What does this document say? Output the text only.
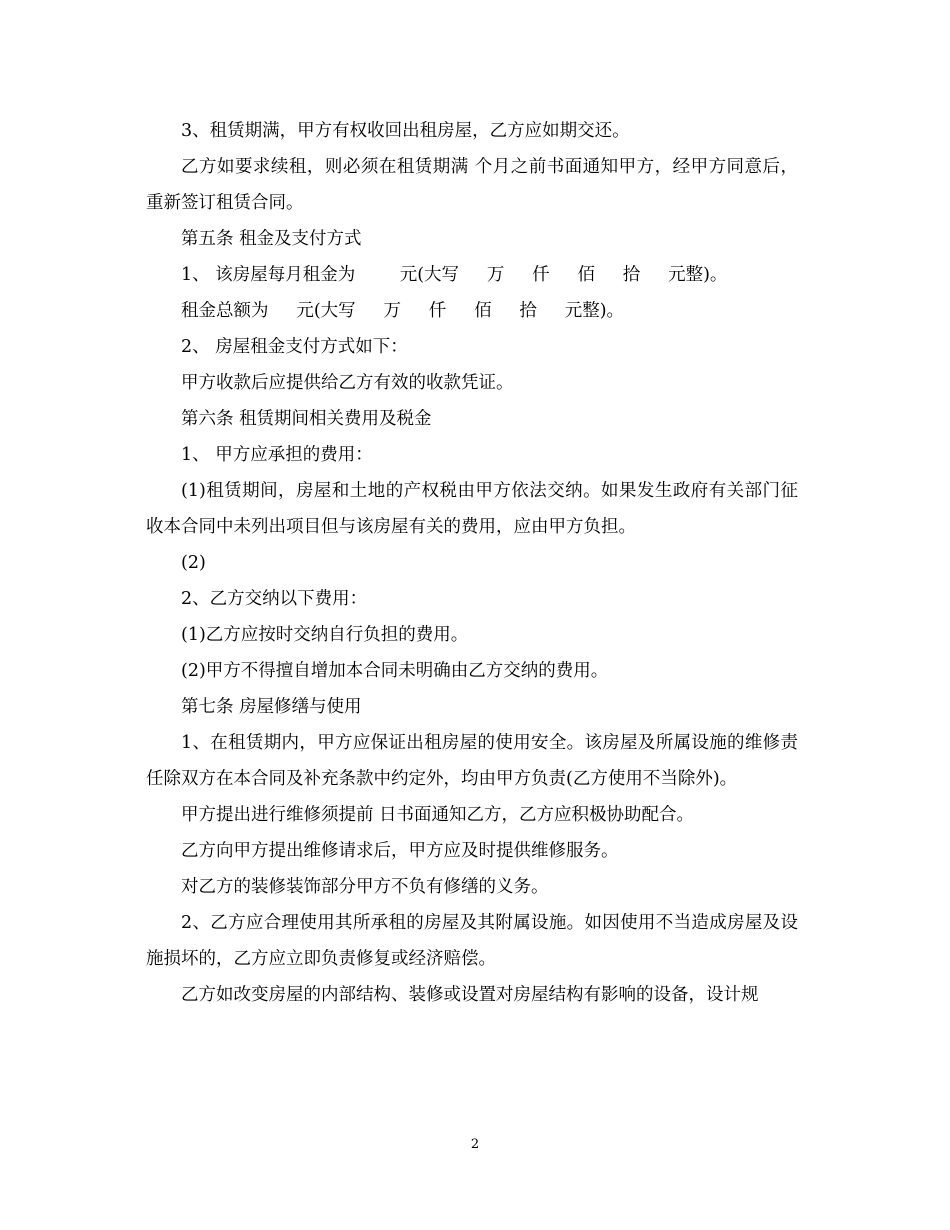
3、租赁期满，甲方有权收回出租房屋，乙方应如期交还。

乙方如要求续租，则必须在租赁期满 个月之前书面通知甲方，经甲方同意后，重新签订租赁合同。

第五条 租金及支付方式

1、 该房屋每月租金为        元(大写     万     仟     佰     拾     元整)。

租金总额为     元(大写     万     仟     佰     拾     元整)。

2、 房屋租金支付方式如下：

甲方收款后应提供给乙方有效的收款凭证。

第六条 租赁期间相关费用及税金

1、 甲方应承担的费用：

(1)租赁期间，房屋和土地的产权税由甲方依法交纳。如果发生政府有关部门征收本合同中未列出项目但与该房屋有关的费用，应由甲方负担。

(2)

2、乙方交纳以下费用：

(1)乙方应按时交纳自行负担的费用。

(2)甲方不得擅自增加本合同未明确由乙方交纳的费用。

第七条 房屋修缮与使用

1、在租赁期内，甲方应保证出租房屋的使用安全。该房屋及所属设施的维修责任除双方在本合同及补充条款中约定外，均由甲方负责(乙方使用不当除外)。

甲方提出进行维修须提前 日书面通知乙方，乙方应积极协助配合。

乙方向甲方提出维修请求后，甲方应及时提供维修服务。

对乙方的装修装饰部分甲方不负有修缮的义务。

2、乙方应合理使用其所承租的房屋及其附属设施。如因使用不当造成房屋及设施损坏的，乙方应立即负责修复或经济赔偿。

乙方如改变房屋的内部结构、装修或设置对房屋结构有影响的设备，设计规

2
